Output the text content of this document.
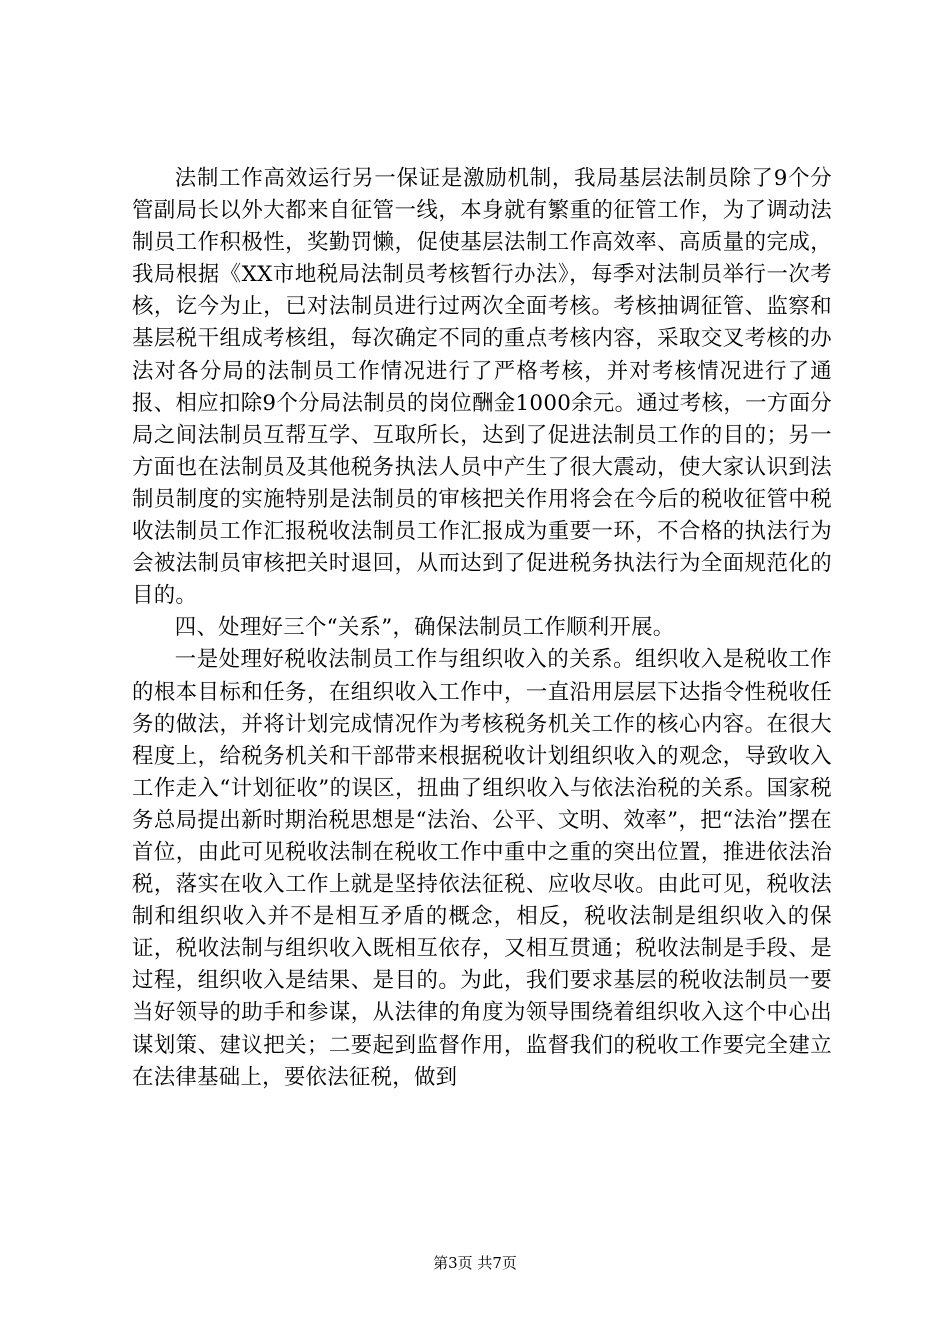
法制工作高效运行另一保证是激励机制，我局基层法制员除了9个分管副局长以外大都来自征管一线，本身就有繁重的征管工作，为了调动法制员工作积极性，奖勤罚懒，促使基层法制工作高效率、高质量的完成，我局根据《XX市地税局法制员考核暂行办法》，每季对法制员举行一次考核，讫今为止，已对法制员进行过两次全面考核。考核抽调征管、监察和基层税干组成考核组，每次确定不同的重点考核内容，采取交叉考核的办法对各分局的法制员工作情况进行了严格考核，并对考核情况进行了通报、相应扣除9个分局法制员的岗位酬金1000余元。通过考核，一方面分局之间法制员互帮互学、互取所长，达到了促进法制员工作的目的；另一方面也在法制员及其他税务执法人员中产生了很大震动，使大家认识到法制员制度的实施特别是法制员的审核把关作用将会在今后的税收征管中税收法制员工作汇报税收法制员工作汇报成为重要一环，不合格的执法行为会被法制员审核把关时退回，从而达到了促进税务执法行为全面规范化的目的。

四、处理好三个“关系”，确保法制员工作顺利开展。

一是处理好税收法制员工作与组织收入的关系。组织收入是税收工作的根本目标和任务，在组织收入工作中，一直沿用层层下达指令性税收任务的做法，并将计划完成情况作为考核税务机关工作的核心内容。在很大程度上，给税务机关和干部带来根据税收计划组织收入的观念，导致收入工作走入“计划征收”的误区，扭曲了组织收入与依法治税的关系。国家税务总局提出新时期治税思想是“法治、公平、文明、效率”，把“法治”摆在首位，由此可见税收法制在税收工作中重中之重的突出位置，推进依法治税，落实在收入工作上就是坚持依法征税、应收尽收。由此可见，税收法制和组织收入并不是相互矛盾的概念，相反，税收法制是组织收入的保证，税收法制与组织收入既相互依存，又相互贯通；税收法制是手段、是过程，组织收入是结果、是目的。为此，我们要求基层的税收法制员一要当好领导的助手和参谋，从法律的角度为领导围绕着组织收入这个中心出谋划策、建议把关；二要起到监督作用，监督我们的税收工作要完全建立在法律基础上，要依法征税，做到

第3页 共7页
